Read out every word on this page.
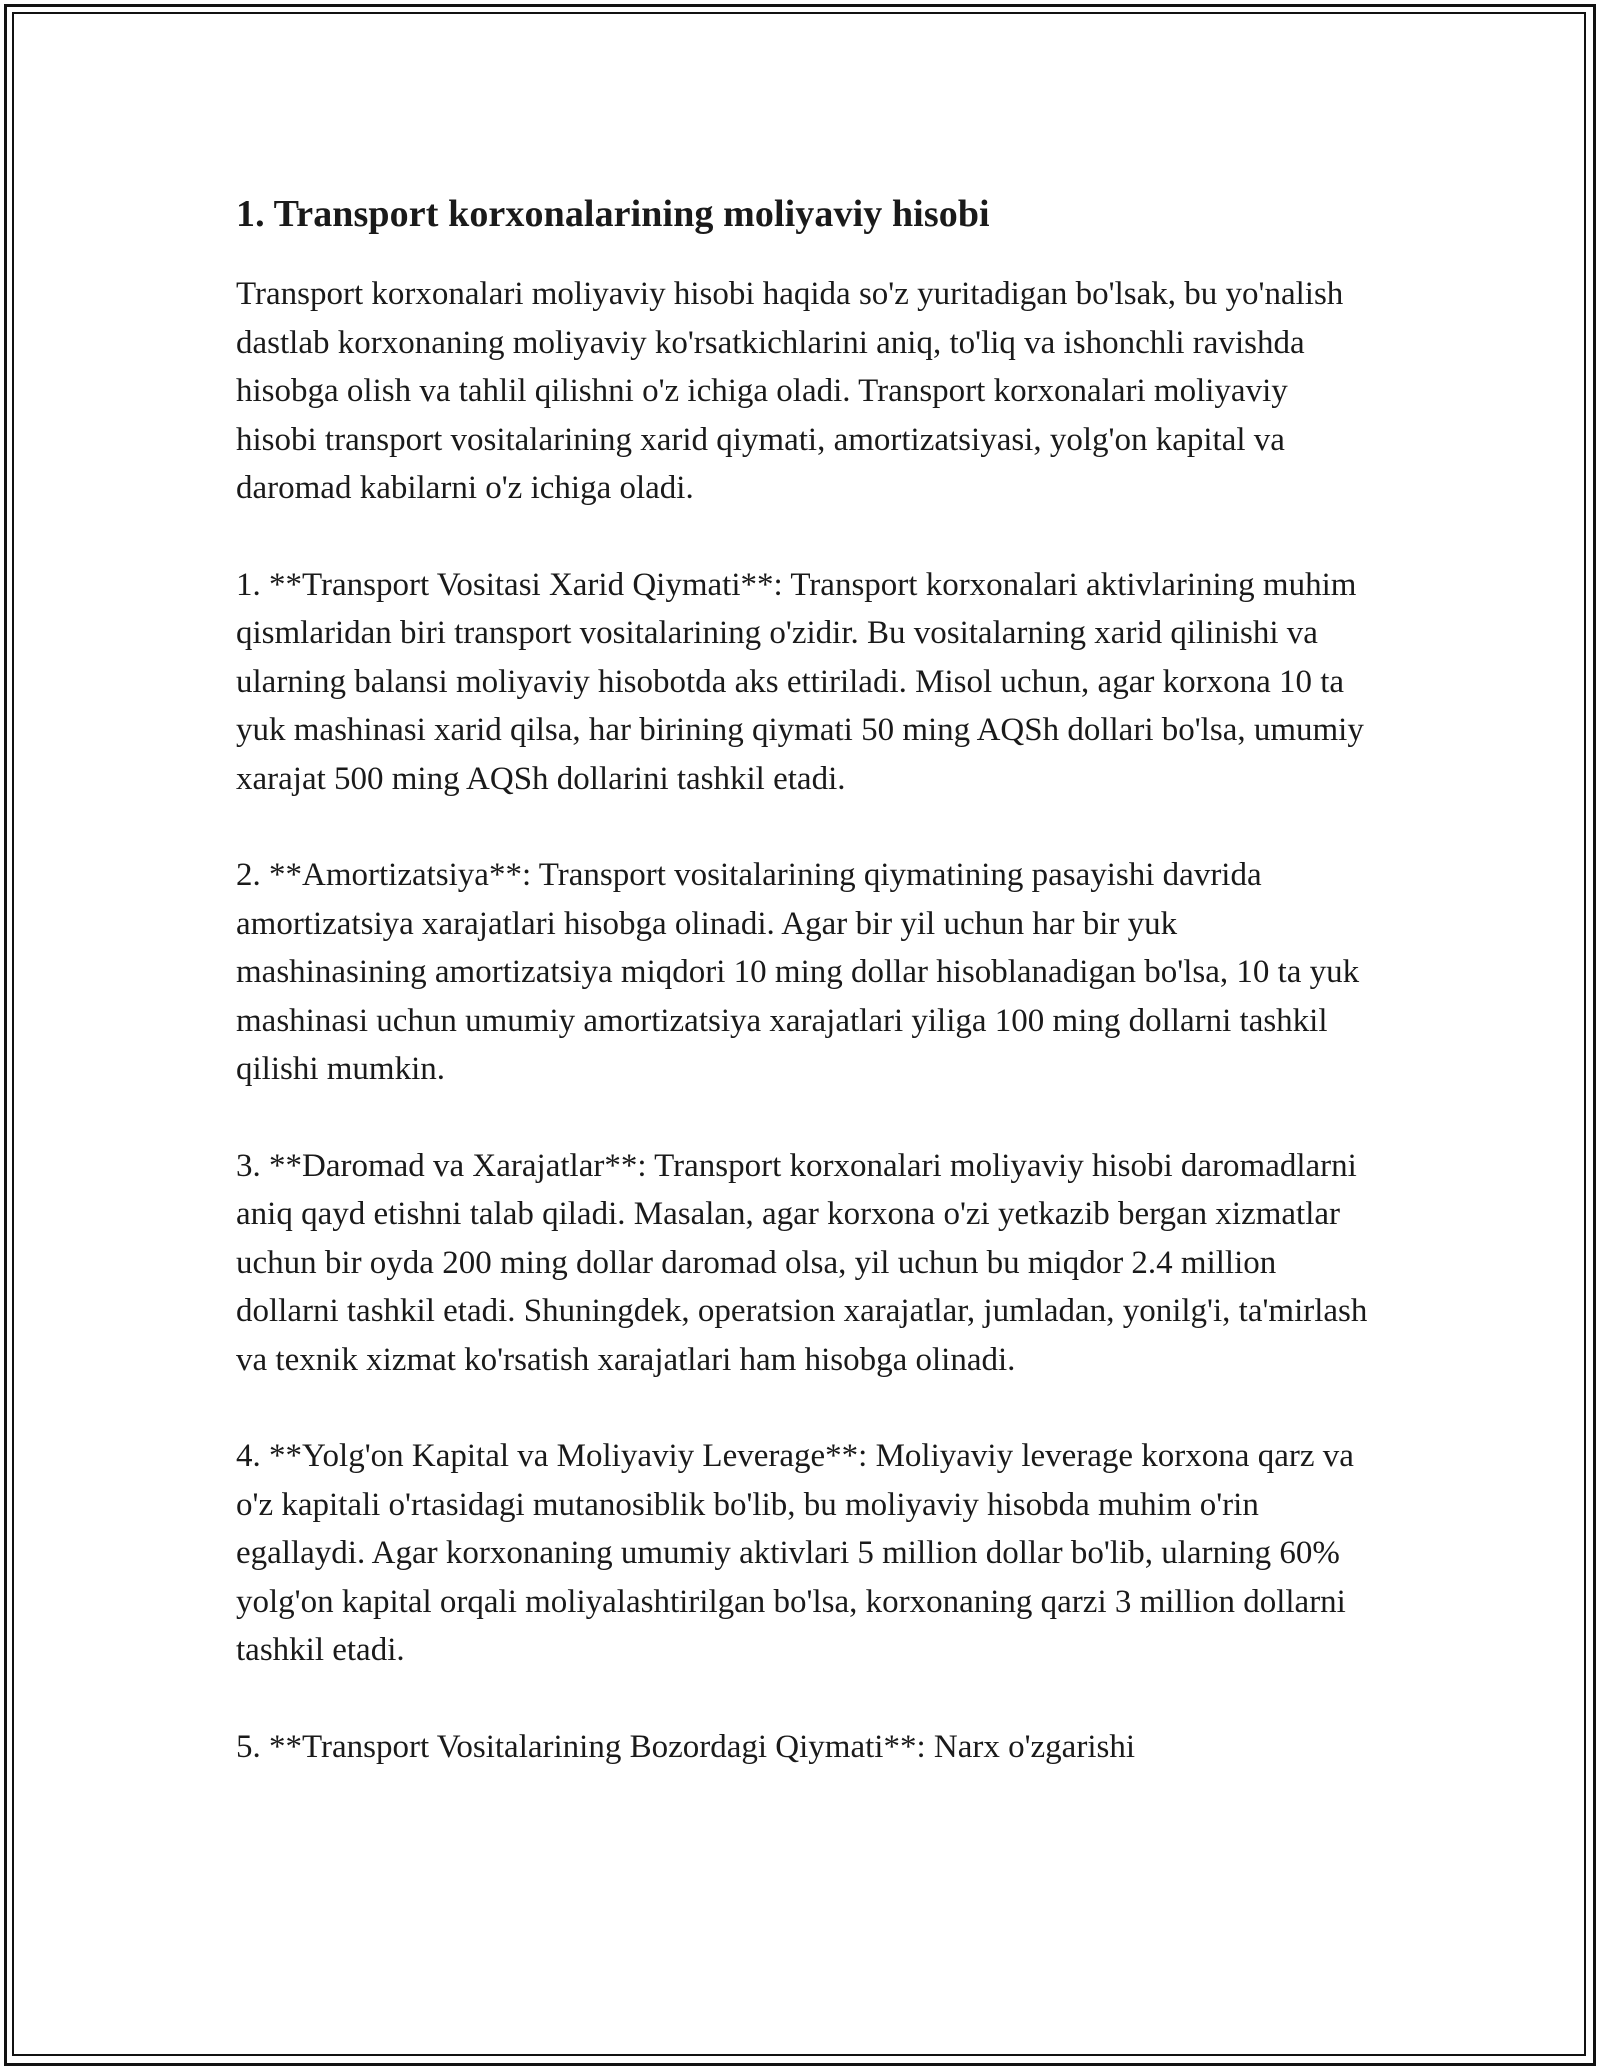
1. Transport korxonalarining moliyaviy hisobi

Transport korxonalari moliyaviy hisobi haqida so'z yuritadigan bo'lsak, bu yo'nalish dastlab korxonaning moliyaviy ko'rsatkichlarini aniq, to'liq va ishonchli ravishda hisobga olish va tahlil qilishni o'z ichiga oladi. Transport korxonalari moliyaviy hisobi transport vositalarining xarid qiymati, amortizatsiyasi, yolg'on kapital va daromad kabilarni o'z ichiga oladi.

1. **Transport Vositasi Xarid Qiymati**: Transport korxonalari aktivlarining muhim qismlaridan biri transport vositalarining o'zidir. Bu vositalarning xarid qilinishi va ularning balansi moliyaviy hisobotda aks ettiriladi. Misol uchun, agar korxona 10 ta yuk mashinasi xarid qilsa, har birining qiymati 50 ming AQSh dollari bo'lsa, umumiy xarajat 500 ming AQSh dollarini tashkil etadi.

2. **Amortizatsiya**: Transport vositalarining qiymatining pasayishi davrida amortizatsiya xarajatlari hisobga olinadi. Agar bir yil uchun har bir yuk mashinasining amortizatsiya miqdori 10 ming dollar hisoblanadigan bo'lsa, 10 ta yuk mashinasi uchun umumiy amortizatsiya xarajatlari yiliga 100 ming dollarni tashkil qilishi mumkin.

3. **Daromad va Xarajatlar**: Transport korxonalari moliyaviy hisobi daromadlarni aniq qayd etishni talab qiladi. Masalan, agar korxona o'zi yetkazib bergan xizmatlar uchun bir oyda 200 ming dollar daromad olsa, yil uchun bu miqdor 2.4 million dollarni tashkil etadi. Shuningdek, operatsion xarajatlar, jumladan, yonilg'i, ta'mirlash va texnik xizmat ko'rsatish xarajatlari ham hisobga olinadi.

4. **Yolg'on Kapital va Moliyaviy Leverage**: Moliyaviy leverage korxona qarz va o'z kapitali o'rtasidagi mutanosiblik bo'lib, bu moliyaviy hisobda muhim o'rin egallaydi. Agar korxonaning umumiy aktivlari 5 million dollar bo'lib, ularning 60% yolg'on kapital orqali moliyalashtirilgan bo'lsa, korxonaning qarzi 3 million dollarni tashkil etadi.

5. **Transport Vositalarining Bozordagi Qiymati**: Narx o'zgarishi
